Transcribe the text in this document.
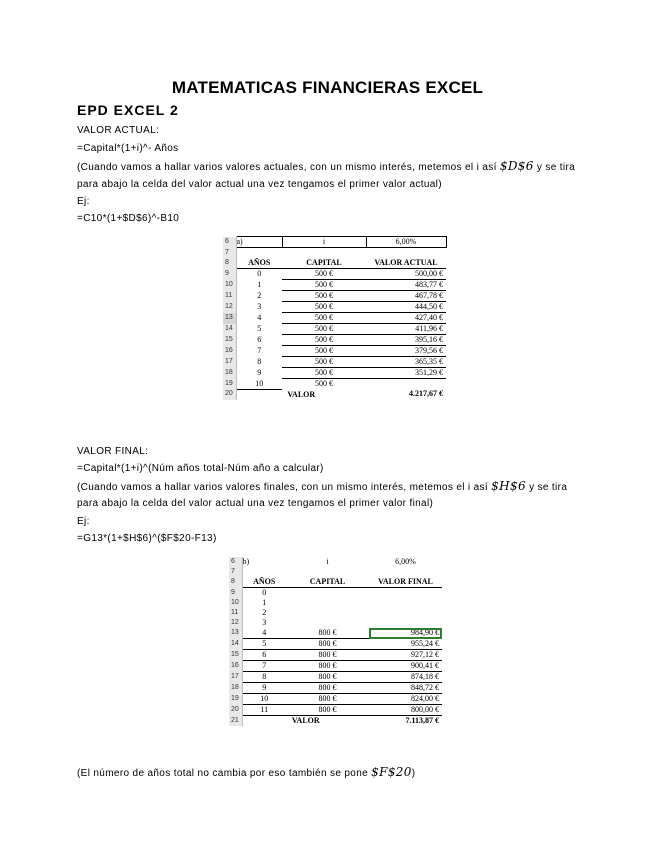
MATEMATICAS FINANCIERAS EXCEL
EPD EXCEL 2
VALOR ACTUAL:
=Capital*(1+i)^- Años
(Cuando vamos a hallar varios valores actuales, con un mismo interés, metemos el i así $D$6 y se tira
para abajo la celda del valor actual una vez tengamos el primer valor actual)
Ej:
=C10*(1+$D$6)^-B10
6	a)	i	6,00%
7			
8	AÑOS	CAPITAL	VALOR ACTUAL
9	0	500 €	500,00 €
10	1	500 €	483,77 €
11	2	500 €	467,78 €
12	3	500 €	444,50 €
13	4	500 €	427,40 €
14	5	500 €	411,96 €
15	6	500 €	395,16 €
16	7	500 €	379,56 €
17	8	500 €	365,35 €
18	9	500 €	351,29 €
19	10	500 €	
20	VALOR		4.217,67 €
VALOR FINAL:
=Capital*(1+i)^(Núm años total-Núm año a calcular)
(Cuando vamos a hallar varios valores finales, con un mismo interés, metemos el i así $H$6 y se tira
para abajo la celda del valor actual una vez tengamos el primer valor final)
Ej:
=G13*(1+$H$6)^($F$20-F13)
6	b)	i	6,00%
7			
8	AÑOS	CAPITAL	VALOR FINAL
9	0		
10	1		
11	2		
12	3		
13	4	800 €	984,90 €
14	5	800 €	955,24 €
15	6	800 €	927,12 €
16	7	800 €	900,41 €
17	8	800 €	874,18 €
18	9	800 €	848,72 €
19	10	800 €	824,00 €
20	11	800 €	800,00 €
21	VALOR		7.113,87 €
(El número de años total no cambia por eso también se pone $F$20)
